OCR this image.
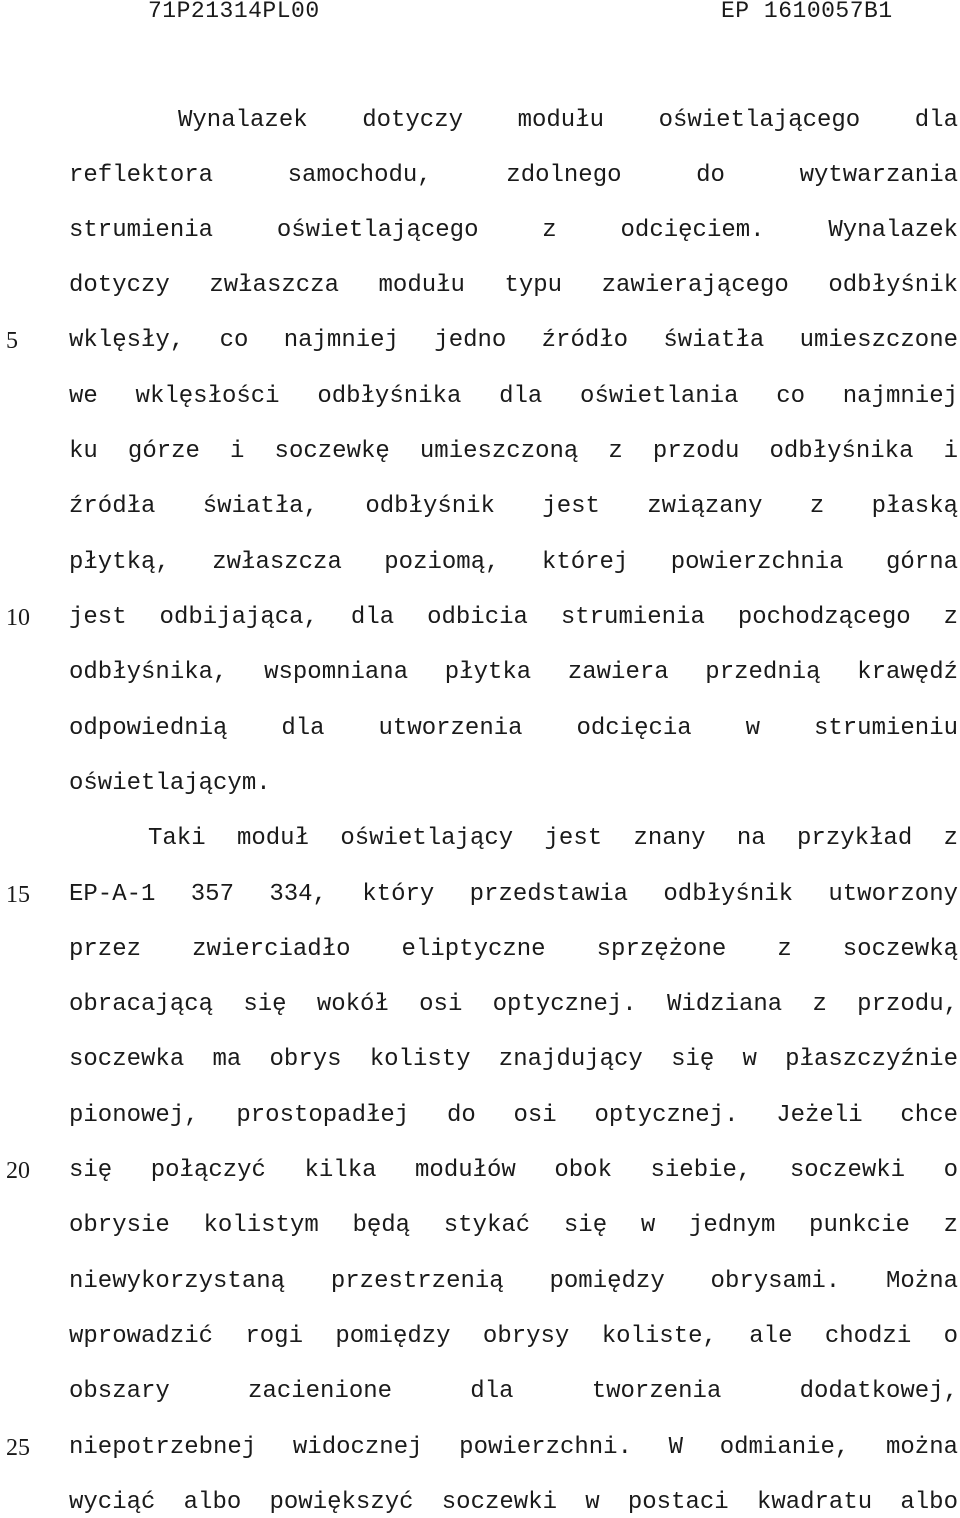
71P21314PL00	EP 1610057B1
5
10
15
20
25
Wynalazek dotyczy modułu oświetlającego dla
reflektora samochodu, zdolnego do wytwarzania
strumienia oświetlającego z odcięciem. Wynalazek
dotyczy zwłaszcza modułu typu zawierającego odbłyśnik
wklęsły, co najmniej jedno źródło światła umieszczone
we wklęsłości odbłyśnika dla oświetlania co najmniej
ku górze i soczewkę umieszczoną z przodu odbłyśnika i
źródła światła, odbłyśnik jest związany z płaską
płytką, zwłaszcza poziomą, której powierzchnia górna
jest odbijająca, dla odbicia strumienia pochodzącego z
odbłyśnika, wspomniana płytka zawiera przednią krawędź
odpowiednią dla utworzenia odcięcia w strumieniu
oświetlającym.
Taki moduł oświetlający jest znany na przykład z
EP-A-1 357 334, który przedstawia odbłyśnik utworzony
przez zwierciadło eliptyczne sprzężone z soczewką
obracającą się wokół osi optycznej. Widziana z przodu,
soczewka ma obrys kolisty znajdujący się w płaszczyźnie
pionowej, prostopadłej do osi optycznej. Jeżeli chce
się połączyć kilka modułów obok siebie, soczewki o
obrysie kolistym będą stykać się w jednym punkcie z
niewykorzystaną przestrzenią pomiędzy obrysami. Można
wprowadzić rogi pomiędzy obrysy koliste, ale chodzi o
obszary zacienione dla tworzenia dodatkowej,
niepotrzebnej widocznej powierzchni. W odmianie, można
wyciąć albo powiększyć soczewki w postaci kwadratu albo
